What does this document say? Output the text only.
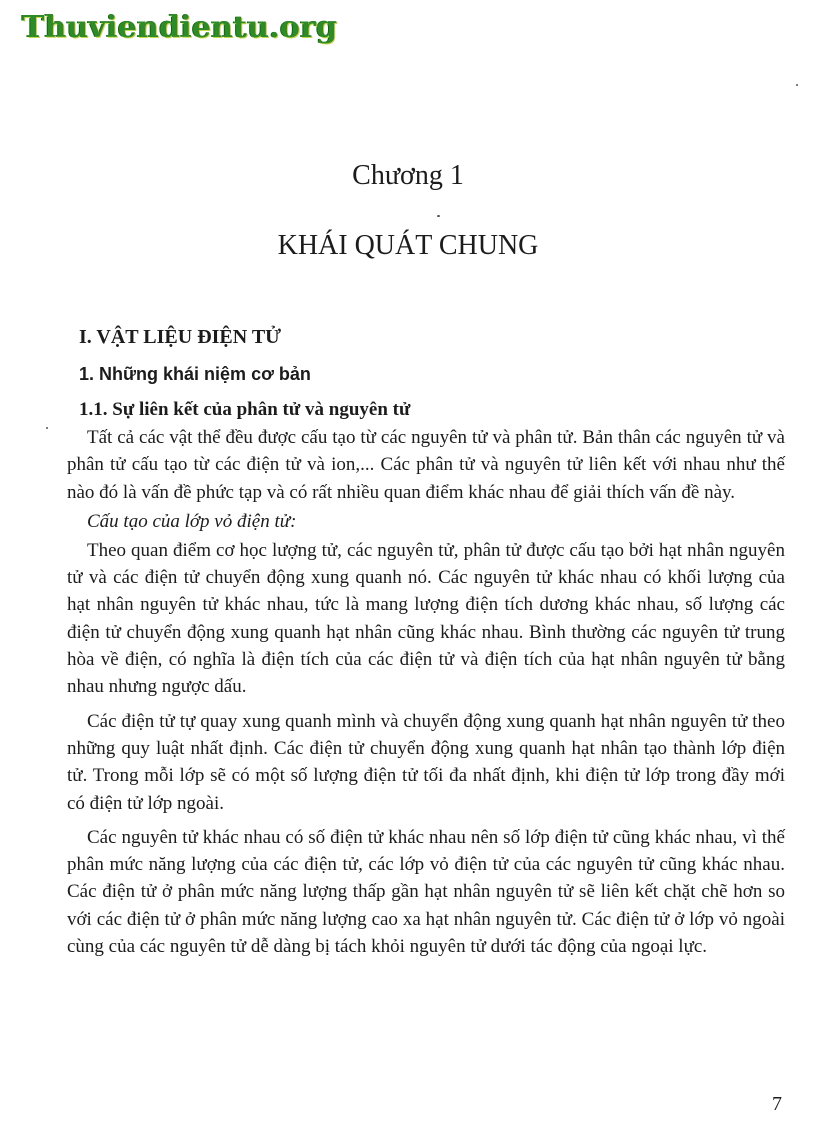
Thuviendientu.org
Chương 1
KHÁI QUÁT CHUNG
I. VẬT LIỆU ĐIỆN TỬ
1. Những khái niệm cơ bản
1.1. Sự liên kết của phân tử và nguyên tử
Tất cả các vật thể đều được cấu tạo từ các nguyên tử và phân tử. Bản thân các nguyên tử và phân tử cấu tạo từ các điện tử và ion,... Các phân tử và nguyên tử liên kết với nhau như thế nào đó là vấn đề phức tạp và có rất nhiều quan điểm khác nhau để giải thích vấn đề này.
Cấu tạo của lớp vỏ điện tử:
Theo quan điểm cơ học lượng tử, các nguyên tử, phân tử được cấu tạo bởi hạt nhân nguyên tử và các điện tử chuyển động xung quanh nó. Các nguyên tử khác nhau có khối lượng của hạt nhân nguyên tử khác nhau, tức là mang lượng điện tích dương khác nhau, số lượng các điện tử chuyển động xung quanh hạt nhân cũng khác nhau. Bình thường các nguyên tử trung hòa về điện, có nghĩa là điện tích của các điện tử và điện tích của hạt nhân nguyên tử bằng nhau nhưng ngược dấu.
Các điện tử tự quay xung quanh mình và chuyển động xung quanh hạt nhân nguyên tử theo những quy luật nhất định. Các điện tử chuyển động xung quanh hạt nhân tạo thành lớp điện tử. Trong mỗi lớp sẽ có một số lượng điện tử tối đa nhất định, khi điện tử lớp trong đầy mới có điện tử lớp ngoài.
Các nguyên tử khác nhau có số điện tử khác nhau nên số lớp điện tử cũng khác nhau, vì thế phân mức năng lượng của các điện tử, các lớp vỏ điện tử của các nguyên tử cũng khác nhau. Các điện tử ở phân mức năng lượng thấp gần hạt nhân nguyên tử sẽ liên kết chặt chẽ hơn so với các điện tử ở phân mức năng lượng cao xa hạt nhân nguyên tử. Các điện tử ở lớp vỏ ngoài cùng của các nguyên tử dễ dàng bị tách khỏi nguyên tử dưới tác động của ngoại lực.
7
